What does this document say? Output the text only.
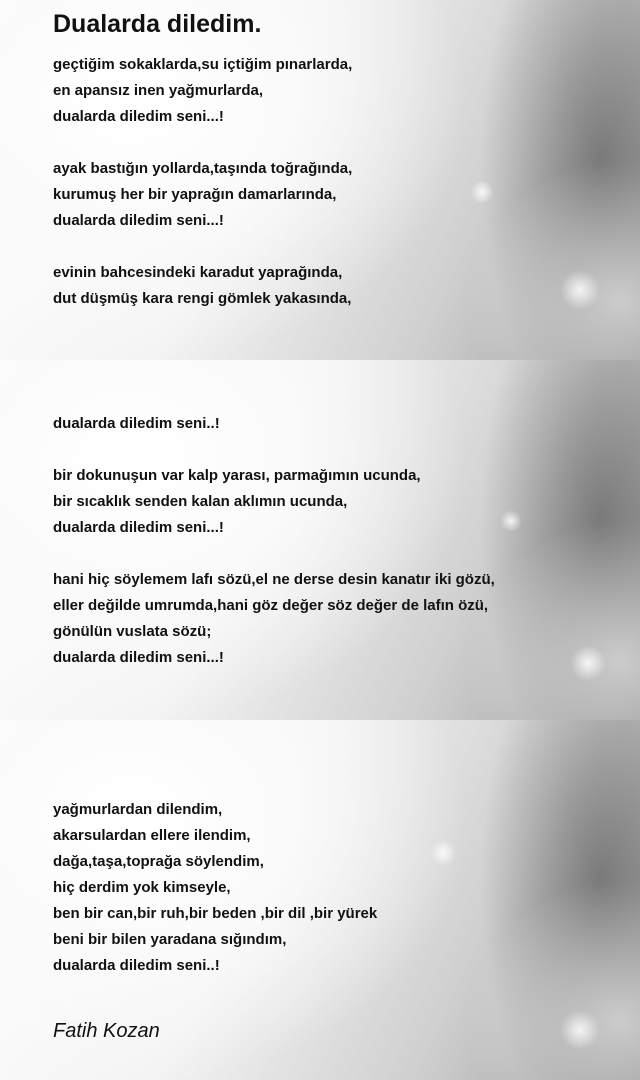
Dualarda diledim.
geçtiğim sokaklarda,su içtiğim pınarlarda,
en apansız inen yağmurlarda,
dualarda diledim seni...!
ayak bastığın yollarda,taşında toğrağında,
kurumuş her bir yaprağın damarlarında,
dualarda diledim seni...!
evinin bahcesindeki karadut yaprağında,
dut düşmüş kara rengi gömlek yakasında,
dualarda diledim seni..!
bir dokunuşun var kalp yarası, parmağımın ucunda,
bir sıcaklık senden kalan aklımın ucunda,
dualarda diledim seni...!
hani hiç söylemem lafı sözü,el ne derse desin kanatır iki gözü,
eller değilde umrumda,hani göz değer söz değer de lafın özü,
gönülün vuslata sözü;
dualarda diledim seni...!
yağmurlardan dilendim,
akarsulardan ellere ilendim,
dağa,taşa,toprağa söylendim,
hiç derdim yok kimseyle,
ben bir can,bir ruh,bir beden ,bir dil ,bir yürek
beni bir bilen yaradana sığındım,
dualarda diledim seni..!

Fatih Kozan
